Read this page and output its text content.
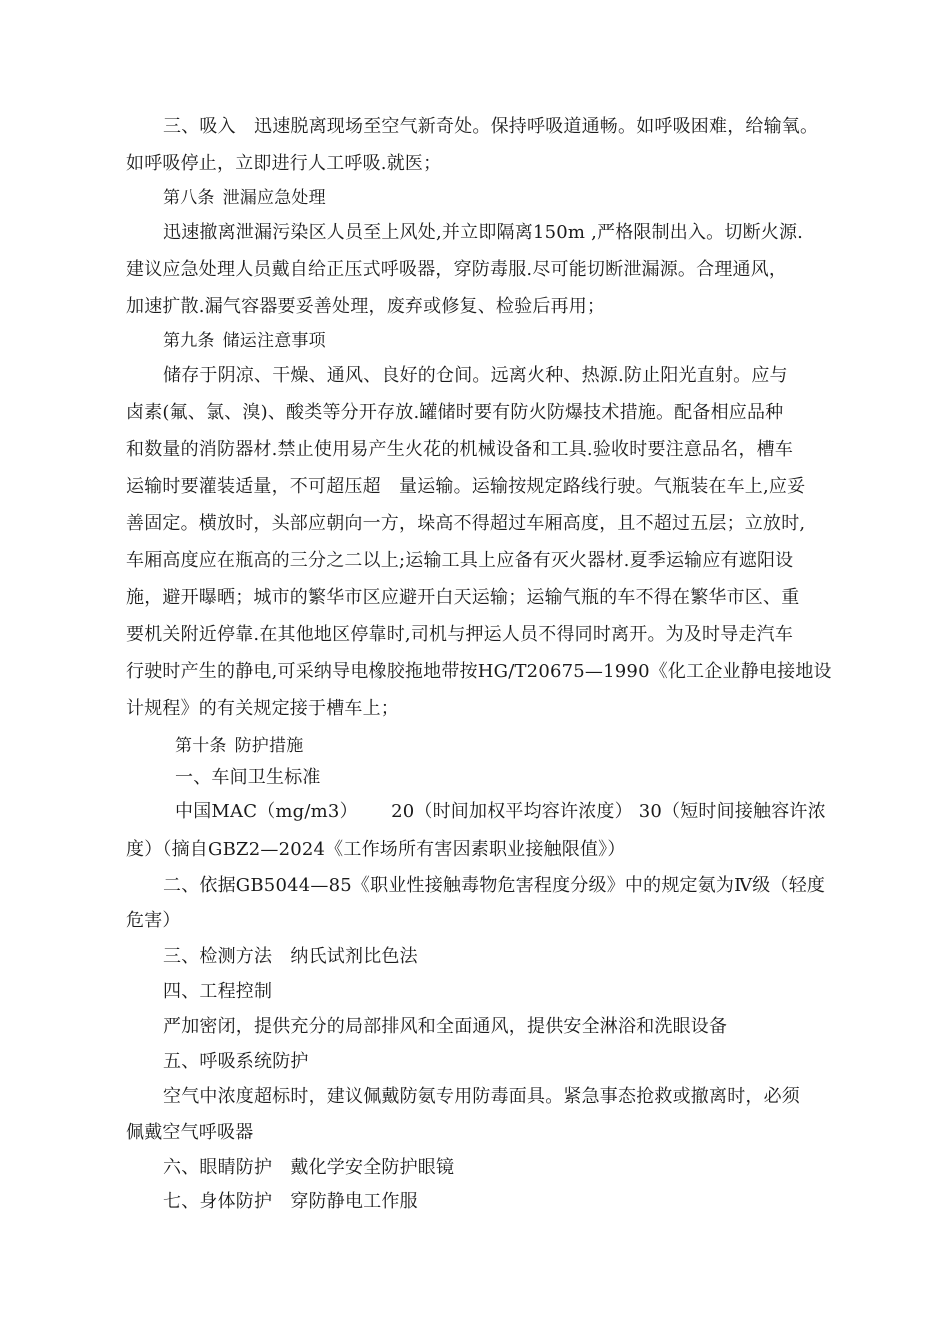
三、吸入　迅速脱离现场至空气新奇处。保持呼吸道通畅。如呼吸困难，给输氧。
如呼吸停止，立即进行人工呼吸.就医；
第八条 泄漏应急处理
迅速撤离泄漏污染区人员至上风处,并立即隔离150m ,严格限制出入。切断火源.
建议应急处理人员戴自给正压式呼吸器，穿防毒服.尽可能切断泄漏源。合理通风，
加速扩散.漏气容器要妥善处理，废弃或修复、检验后再用；
第九条 储运注意事项
储存于阴凉、干燥、通风、良好的仓间。远离火种、热源.防止阳光直射。应与
卤素(氟、氯、溴)、酸类等分开存放.罐储时要有防火防爆技术措施。配备相应品种
和数量的消防器材.禁止使用易产生火花的机械设备和工具.验收时要注意品名，槽车
运输时要灌装适量，不可超压超　量运输。运输按规定路线行驶。气瓶装在车上,应妥
善固定。横放时，头部应朝向一方，垛高不得超过车厢高度，且不超过五层；立放时,
车厢高度应在瓶高的三分之二以上;运输工具上应备有灭火器材.夏季运输应有遮阳设
施，避开曝晒；城市的繁华市区应避开白天运输；运输气瓶的车不得在繁华市区、重
要机关附近停靠.在其他地区停靠时,司机与押运人员不得同时离开。为及时导走汽车
行驶时产生的静电,可采纳导电橡胶拖地带按HG/T20675—1990《化工企业静电接地设
计规程》的有关规定接于槽车上；
第十条 防护措施
一、车间卫生标准
中国MAC（mg/m3）　　 20（时间加权平均容许浓度） 30（短时间接触容许浓
度）（摘自GBZ2—2024《工作场所有害因素职业接触限值》）
二、依据GB5044—85《职业性接触毒物危害程度分级》中的规定氨为Ⅳ级（轻度
危害）
三、检测方法　纳氏试剂比色法
四、工程控制
严加密闭，提供充分的局部排风和全面通风，提供安全淋浴和洗眼设备
五、呼吸系统防护
空气中浓度超标时，建议佩戴防氨专用防毒面具。紧急事态抢救或撤离时，必须
佩戴空气呼吸器
六、眼睛防护　戴化学安全防护眼镜
七、身体防护　穿防静电工作服
